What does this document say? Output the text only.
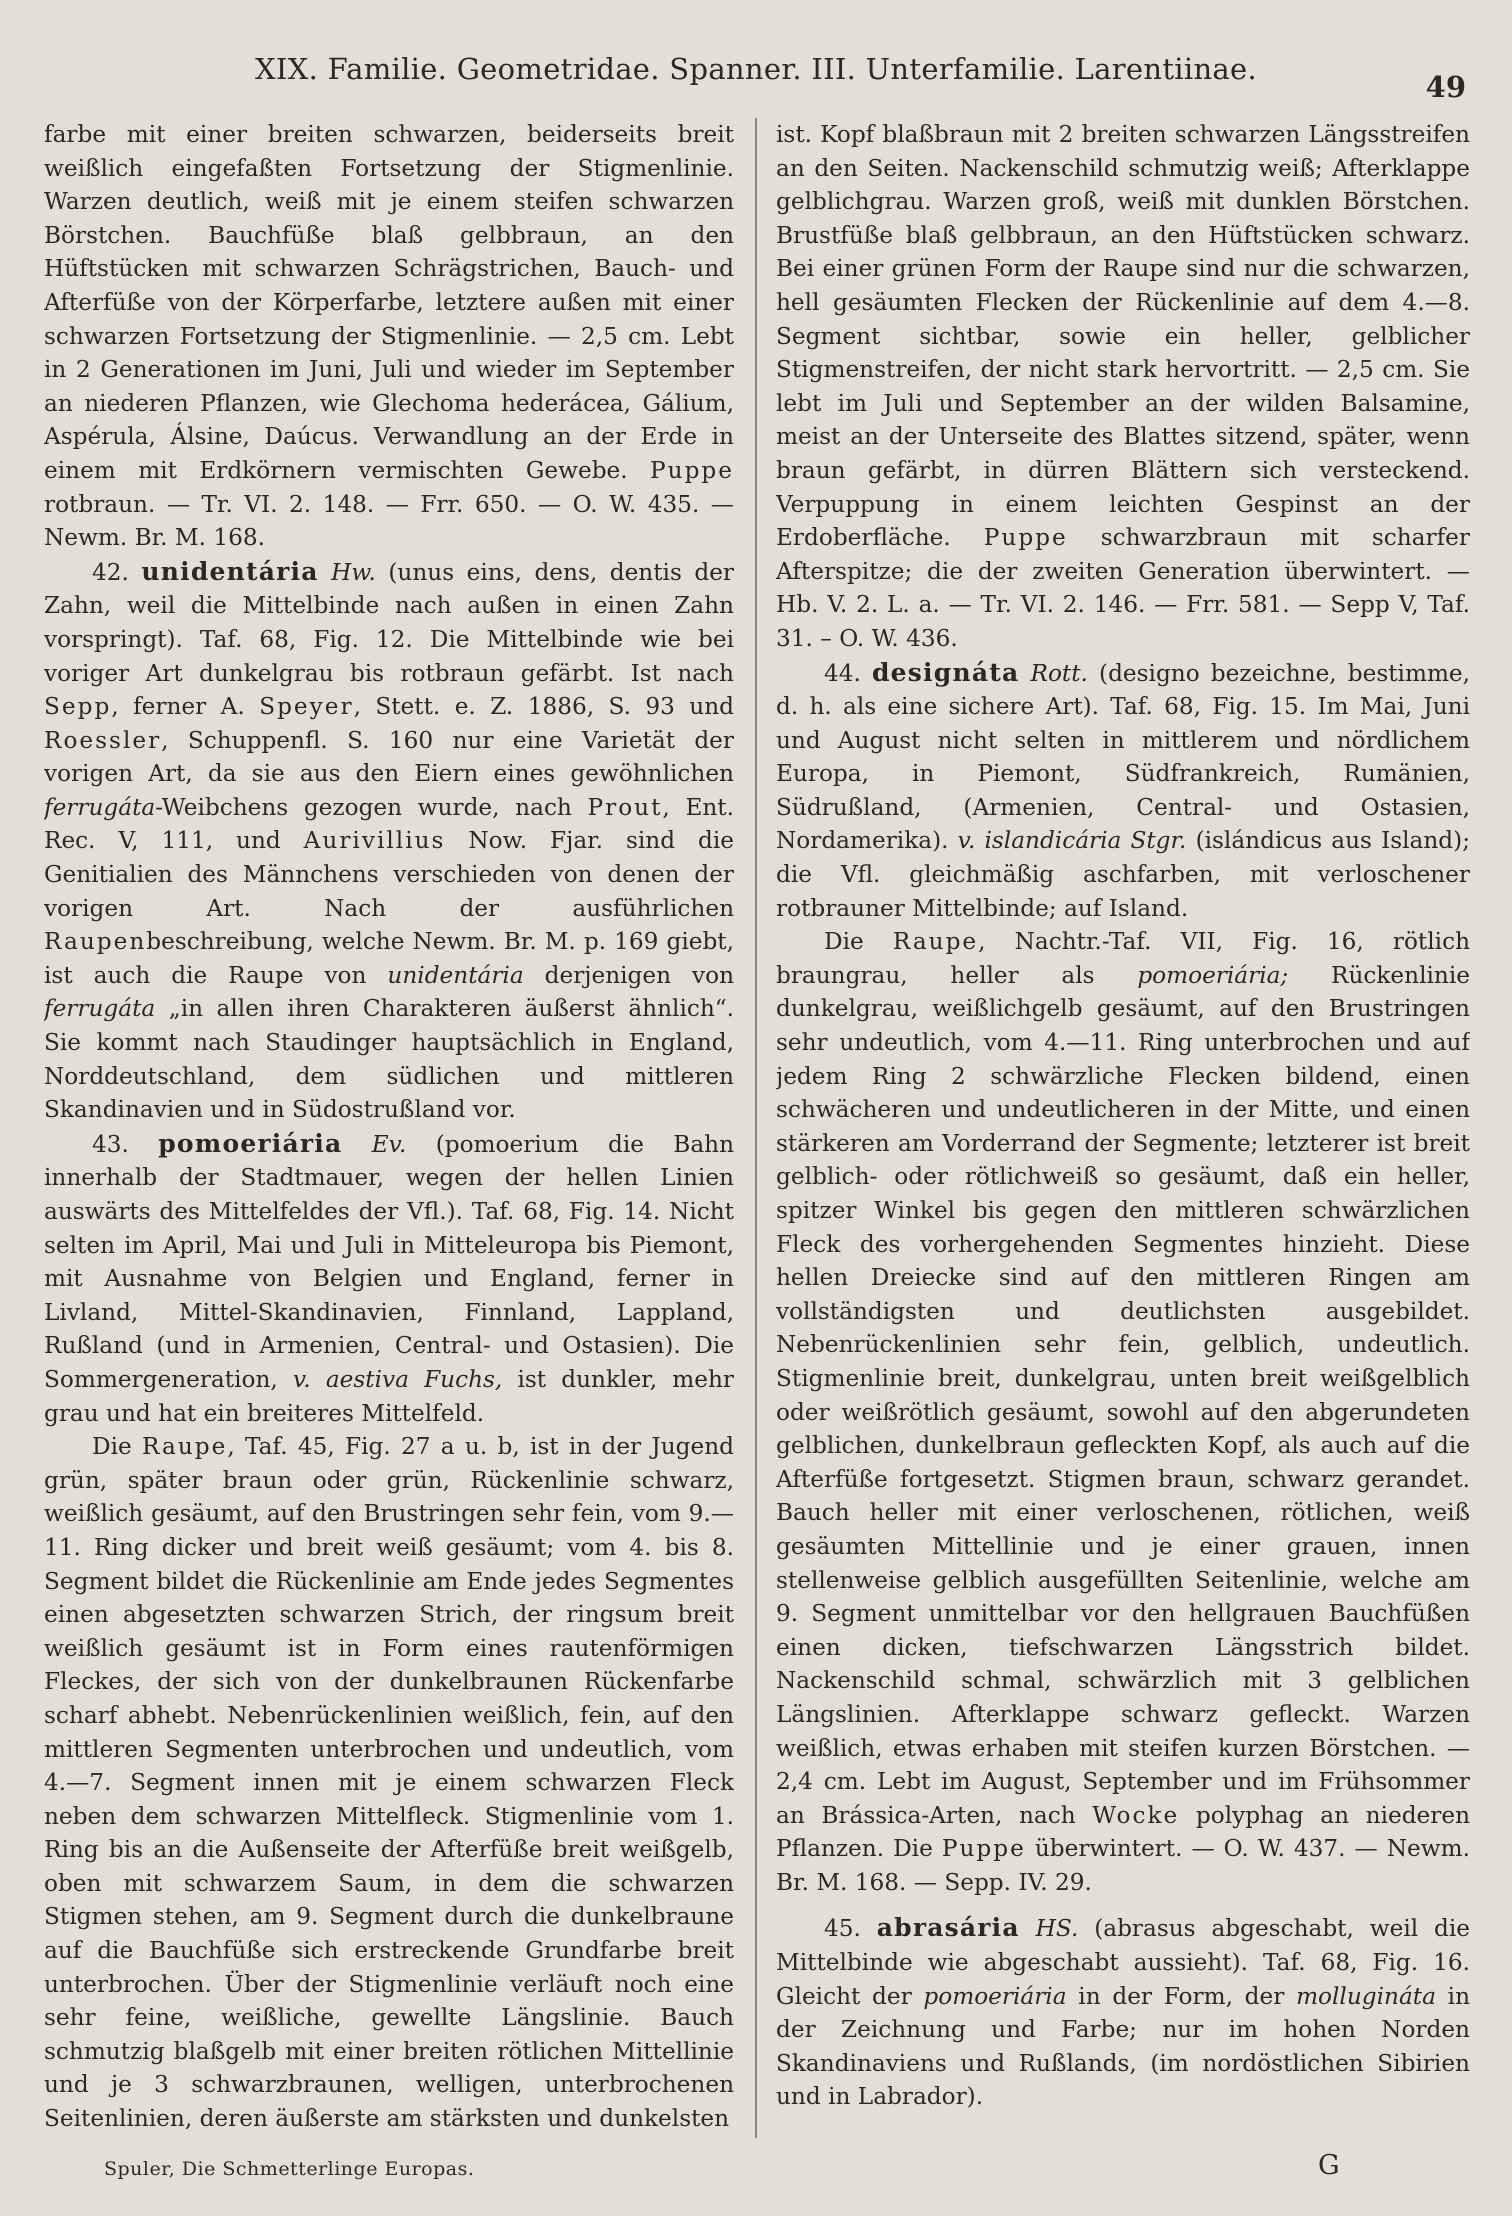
XIX. Familie. Geometridae. Spanner. III. Unterfamilie. Larentiinae.
49

farbe mit einer breiten schwarzen, beiderseits breit weißlich eingefaßten Fortsetzung der Stigmenlinie. Warzen deutlich, weiß mit je einem steifen schwarzen Börstchen. Bauchfüße blaß gelbbraun, an den Hüftstücken mit schwarzen Schrägstrichen, Bauch- und Afterfüße von der Körperfarbe, letztere außen mit einer schwarzen Fortsetzung der Stigmenlinie. — 2,5 cm. Lebt in 2 Generationen im Juni, Juli und wieder im September an niederen Pflanzen, wie Glechoma hederácea, Gálium, Aspérula, Álsine, Daúcus. Verwandlung an der Erde in einem mit Erdkörnern vermischten Gewebe. Puppe rotbraun. — Tr. VI. 2. 148. — Frr. 650. — O. W. 435. — Newm. Br. M. 168.

42. unidentária Hw. (unus eins, dens, dentis der Zahn, weil die Mittelbinde nach außen in einen Zahn vorspringt). Taf. 68, Fig. 12. Die Mittelbinde wie bei voriger Art dunkelgrau bis rotbraun gefärbt. Ist nach Sepp, ferner A. Speyer, Stett. e. Z. 1886, S. 93 und Roessler, Schuppenfl. S. 160 nur eine Varietät der vorigen Art, da sie aus den Eiern eines gewöhnlichen ferrugáta-Weibchens gezogen wurde, nach Prout, Ent. Rec. V, 111, und Aurivillius Now. Fjar. sind die Genitialien des Männchens verschieden von denen der vorigen Art. Nach der ausführlichen Raupenbeschreibung, welche Newm. Br. M. p. 169 giebt, ist auch die Raupe von unidentária derjenigen von ferrugáta „in allen ihren Charakteren äußerst ähnlich“. Sie kommt nach Staudinger hauptsächlich in England, Norddeutschland, dem südlichen und mittleren Skandinavien und in Südostrußland vor.

43. pomoeriária Ev. (pomoerium die Bahn innerhalb der Stadtmauer, wegen der hellen Linien auswärts des Mittelfeldes der Vfl.). Taf. 68, Fig. 14. Nicht selten im April, Mai und Juli in Mitteleuropa bis Piemont, mit Ausnahme von Belgien und England, ferner in Livland, Mittel-Skandinavien, Finnland, Lappland, Rußland (und in Armenien, Central- und Ostasien). Die Sommergeneration, v. aestiva Fuchs, ist dunkler, mehr grau und hat ein breiteres Mittelfeld.

Die Raupe, Taf. 45, Fig. 27 a u. b, ist in der Jugend grün, später braun oder grün, Rückenlinie schwarz, weißlich gesäumt, auf den Brustringen sehr fein, vom 9.—11. Ring dicker und breit weiß gesäumt; vom 4. bis 8. Segment bildet die Rückenlinie am Ende jedes Segmentes einen abgesetzten schwarzen Strich, der ringsum breit weißlich gesäumt ist in Form eines rautenförmigen Fleckes, der sich von der dunkelbraunen Rückenfarbe scharf abhebt. Nebenrückenlinien weißlich, fein, auf den mittleren Segmenten unterbrochen und undeutlich, vom 4.—7. Segment innen mit je einem schwarzen Fleck neben dem schwarzen Mittelfleck. Stigmenlinie vom 1. Ring bis an die Außenseite der Afterfüße breit weißgelb, oben mit schwarzem Saum, in dem die schwarzen Stigmen stehen, am 9. Segment durch die dunkelbraune auf die Bauchfüße sich erstreckende Grundfarbe breit unterbrochen. Über der Stigmenlinie verläuft noch eine sehr feine, weißliche, gewellte Längslinie. Bauch schmutzig blaßgelb mit einer breiten rötlichen Mittellinie und je 3 schwarzbraunen, welligen, unterbrochenen Seitenlinien, deren äußerste am stärksten und dunkelsten

ist. Kopf blaßbraun mit 2 breiten schwarzen Längsstreifen an den Seiten. Nackenschild schmutzig weiß; Afterklappe gelblichgrau. Warzen groß, weiß mit dunklen Börstchen. Brustfüße blaß gelbbraun, an den Hüftstücken schwarz. Bei einer grünen Form der Raupe sind nur die schwarzen, hell gesäumten Flecken der Rückenlinie auf dem 4.—8. Segment sichtbar, sowie ein heller, gelblicher Stigmenstreifen, der nicht stark hervortritt. — 2,5 cm. Sie lebt im Juli und September an der wilden Balsamine, meist an der Unterseite des Blattes sitzend, später, wenn braun gefärbt, in dürren Blättern sich versteckend. Verpuppung in einem leichten Gespinst an der Erdoberfläche. Puppe schwarzbraun mit scharfer Afterspitze; die der zweiten Generation überwintert. — Hb. V. 2. L. a. — Tr. VI. 2. 146. — Frr. 581. — Sepp V, Taf. 31. – O. W. 436.

44. designáta Rott. (designo bezeichne, bestimme, d. h. als eine sichere Art). Taf. 68, Fig. 15. Im Mai, Juni und August nicht selten in mittlerem und nördlichem Europa, in Piemont, Südfrankreich, Rumänien, Südrußland, (Armenien, Central- und Ostasien, Nordamerika). v. islandicária Stgr. (islándicus aus Island); die Vfl. gleichmäßig aschfarben, mit verloschener rotbrauner Mittelbinde; auf Island.

Die Raupe, Nachtr.-Taf. VII, Fig. 16, rötlich braungrau, heller als pomoeriária; Rückenlinie dunkelgrau, weißlichgelb gesäumt, auf den Brustringen sehr undeutlich, vom 4.—11. Ring unterbrochen und auf jedem Ring 2 schwärzliche Flecken bildend, einen schwächeren und undeutlicheren in der Mitte, und einen stärkeren am Vorderrand der Segmente; letzterer ist breit gelblich- oder rötlichweiß so gesäumt, daß ein heller, spitzer Winkel bis gegen den mittleren schwärzlichen Fleck des vorhergehenden Segmentes hinzieht. Diese hellen Dreiecke sind auf den mittleren Ringen am vollständigsten und deutlichsten ausgebildet. Nebenrückenlinien sehr fein, gelblich, undeutlich. Stigmenlinie breit, dunkelgrau, unten breit weißgelblich oder weißrötlich gesäumt, sowohl auf den abgerundeten gelblichen, dunkelbraun gefleckten Kopf, als auch auf die Afterfüße fortgesetzt. Stigmen braun, schwarz gerandet. Bauch heller mit einer verloschenen, rötlichen, weiß gesäumten Mittellinie und je einer grauen, innen stellenweise gelblich ausgefüllten Seitenlinie, welche am 9. Segment unmittelbar vor den hellgrauen Bauchfüßen einen dicken, tiefschwarzen Längsstrich bildet. Nackenschild schmal, schwärzlich mit 3 gelblichen Längslinien. Afterklappe schwarz gefleckt. Warzen weißlich, etwas erhaben mit steifen kurzen Börstchen. — 2,4 cm. Lebt im August, September und im Frühsommer an Brássica-Arten, nach Wocke polyphag an niederen Pflanzen. Die Puppe überwintert. — O. W. 437. — Newm. Br. M. 168. — Sepp. IV. 29.

45. abrasária HS. (abrasus abgeschabt, weil die Mittelbinde wie abgeschabt aussieht). Taf. 68, Fig. 16. Gleicht der pomoeriária in der Form, der mollugináta in der Zeichnung und Farbe; nur im hohen Norden Skandinaviens und Rußlands, (im nordöstlichen Sibirien und in Labrador).

Spuler, Die Schmetterlinge Europas.	G
